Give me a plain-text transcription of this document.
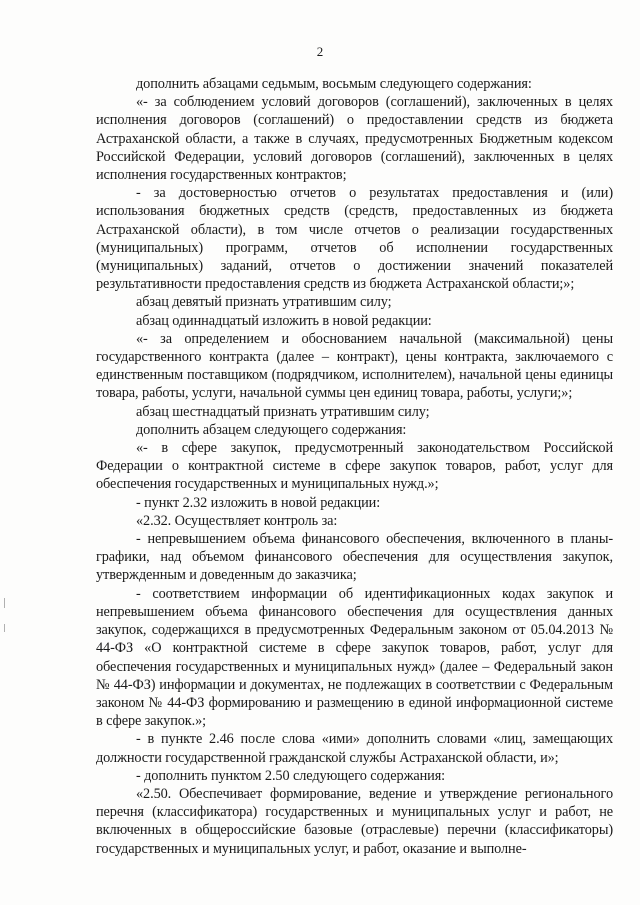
2

дополнить абзацами седьмым, восьмым следующего содержания:

«- за соблюдением условий договоров (соглашений), заключенных в целях исполнения договоров (соглашений) о предоставлении средств из бюджета Астраханской области, а также в случаях, предусмотренных Бюджетным кодексом Российской Федерации, условий договоров (соглашений), заключенных в целях исполнения государственных контрактов;

- за достоверностью отчетов о результатах предоставления и (или) использования бюджетных средств (средств, предоставленных из бюджета Астраханской области), в том числе отчетов о реализации государственных (муниципальных) программ, отчетов об исполнении государственных (муниципальных) заданий, отчетов о достижении значений показателей результативности предоставления средств из бюджета Астраханской области;»;

абзац девятый признать утратившим силу;

абзац одиннадцатый изложить в новой редакции:

«- за определением и обоснованием начальной (максимальной) цены государственного контракта (далее – контракт), цены контракта, заключаемого с единственным поставщиком (подрядчиком, исполнителем), начальной цены единицы товара, работы, услуги, начальной суммы цен единиц товара, работы, услуги;»;

абзац шестнадцатый признать утратившим силу;

дополнить абзацем следующего содержания:

«- в сфере закупок, предусмотренный законодательством Российской Федерации о контрактной системе в сфере закупок товаров, работ, услуг для обеспечения государственных и муниципальных нужд.»;

- пункт 2.32 изложить в новой редакции:

«2.32. Осуществляет контроль за:

- непревышением объема финансового обеспечения, включенного в планы-графики, над объемом финансового обеспечения для осуществления закупок, утвержденным и доведенным до заказчика;

- соответствием информации об идентификационных кодах закупок и непревышением объема финансового обеспечения для осуществления данных закупок, содержащихся в предусмотренных Федеральным законом от 05.04.2013 № 44-ФЗ «О контрактной системе в сфере закупок товаров, работ, услуг для обеспечения государственных и муниципальных нужд» (далее – Федеральный закон № 44-ФЗ) информации и документах, не подлежащих в соответствии с Федеральным законом № 44-ФЗ формированию и размещению в единой информационной системе в сфере закупок.»;

- в пункте 2.46 после слова «ими» дополнить словами «лиц, замещающих должности государственной гражданской службы Астраханской области, и»;

- дополнить пунктом 2.50 следующего содержания:

«2.50. Обеспечивает формирование, ведение и утверждение регионального перечня (классификатора) государственных и муниципальных услуг и работ, не включенных в общероссийские базовые (отраслевые) перечни (классификаторы) государственных и муниципальных услуг, и работ, оказание и выполне-
